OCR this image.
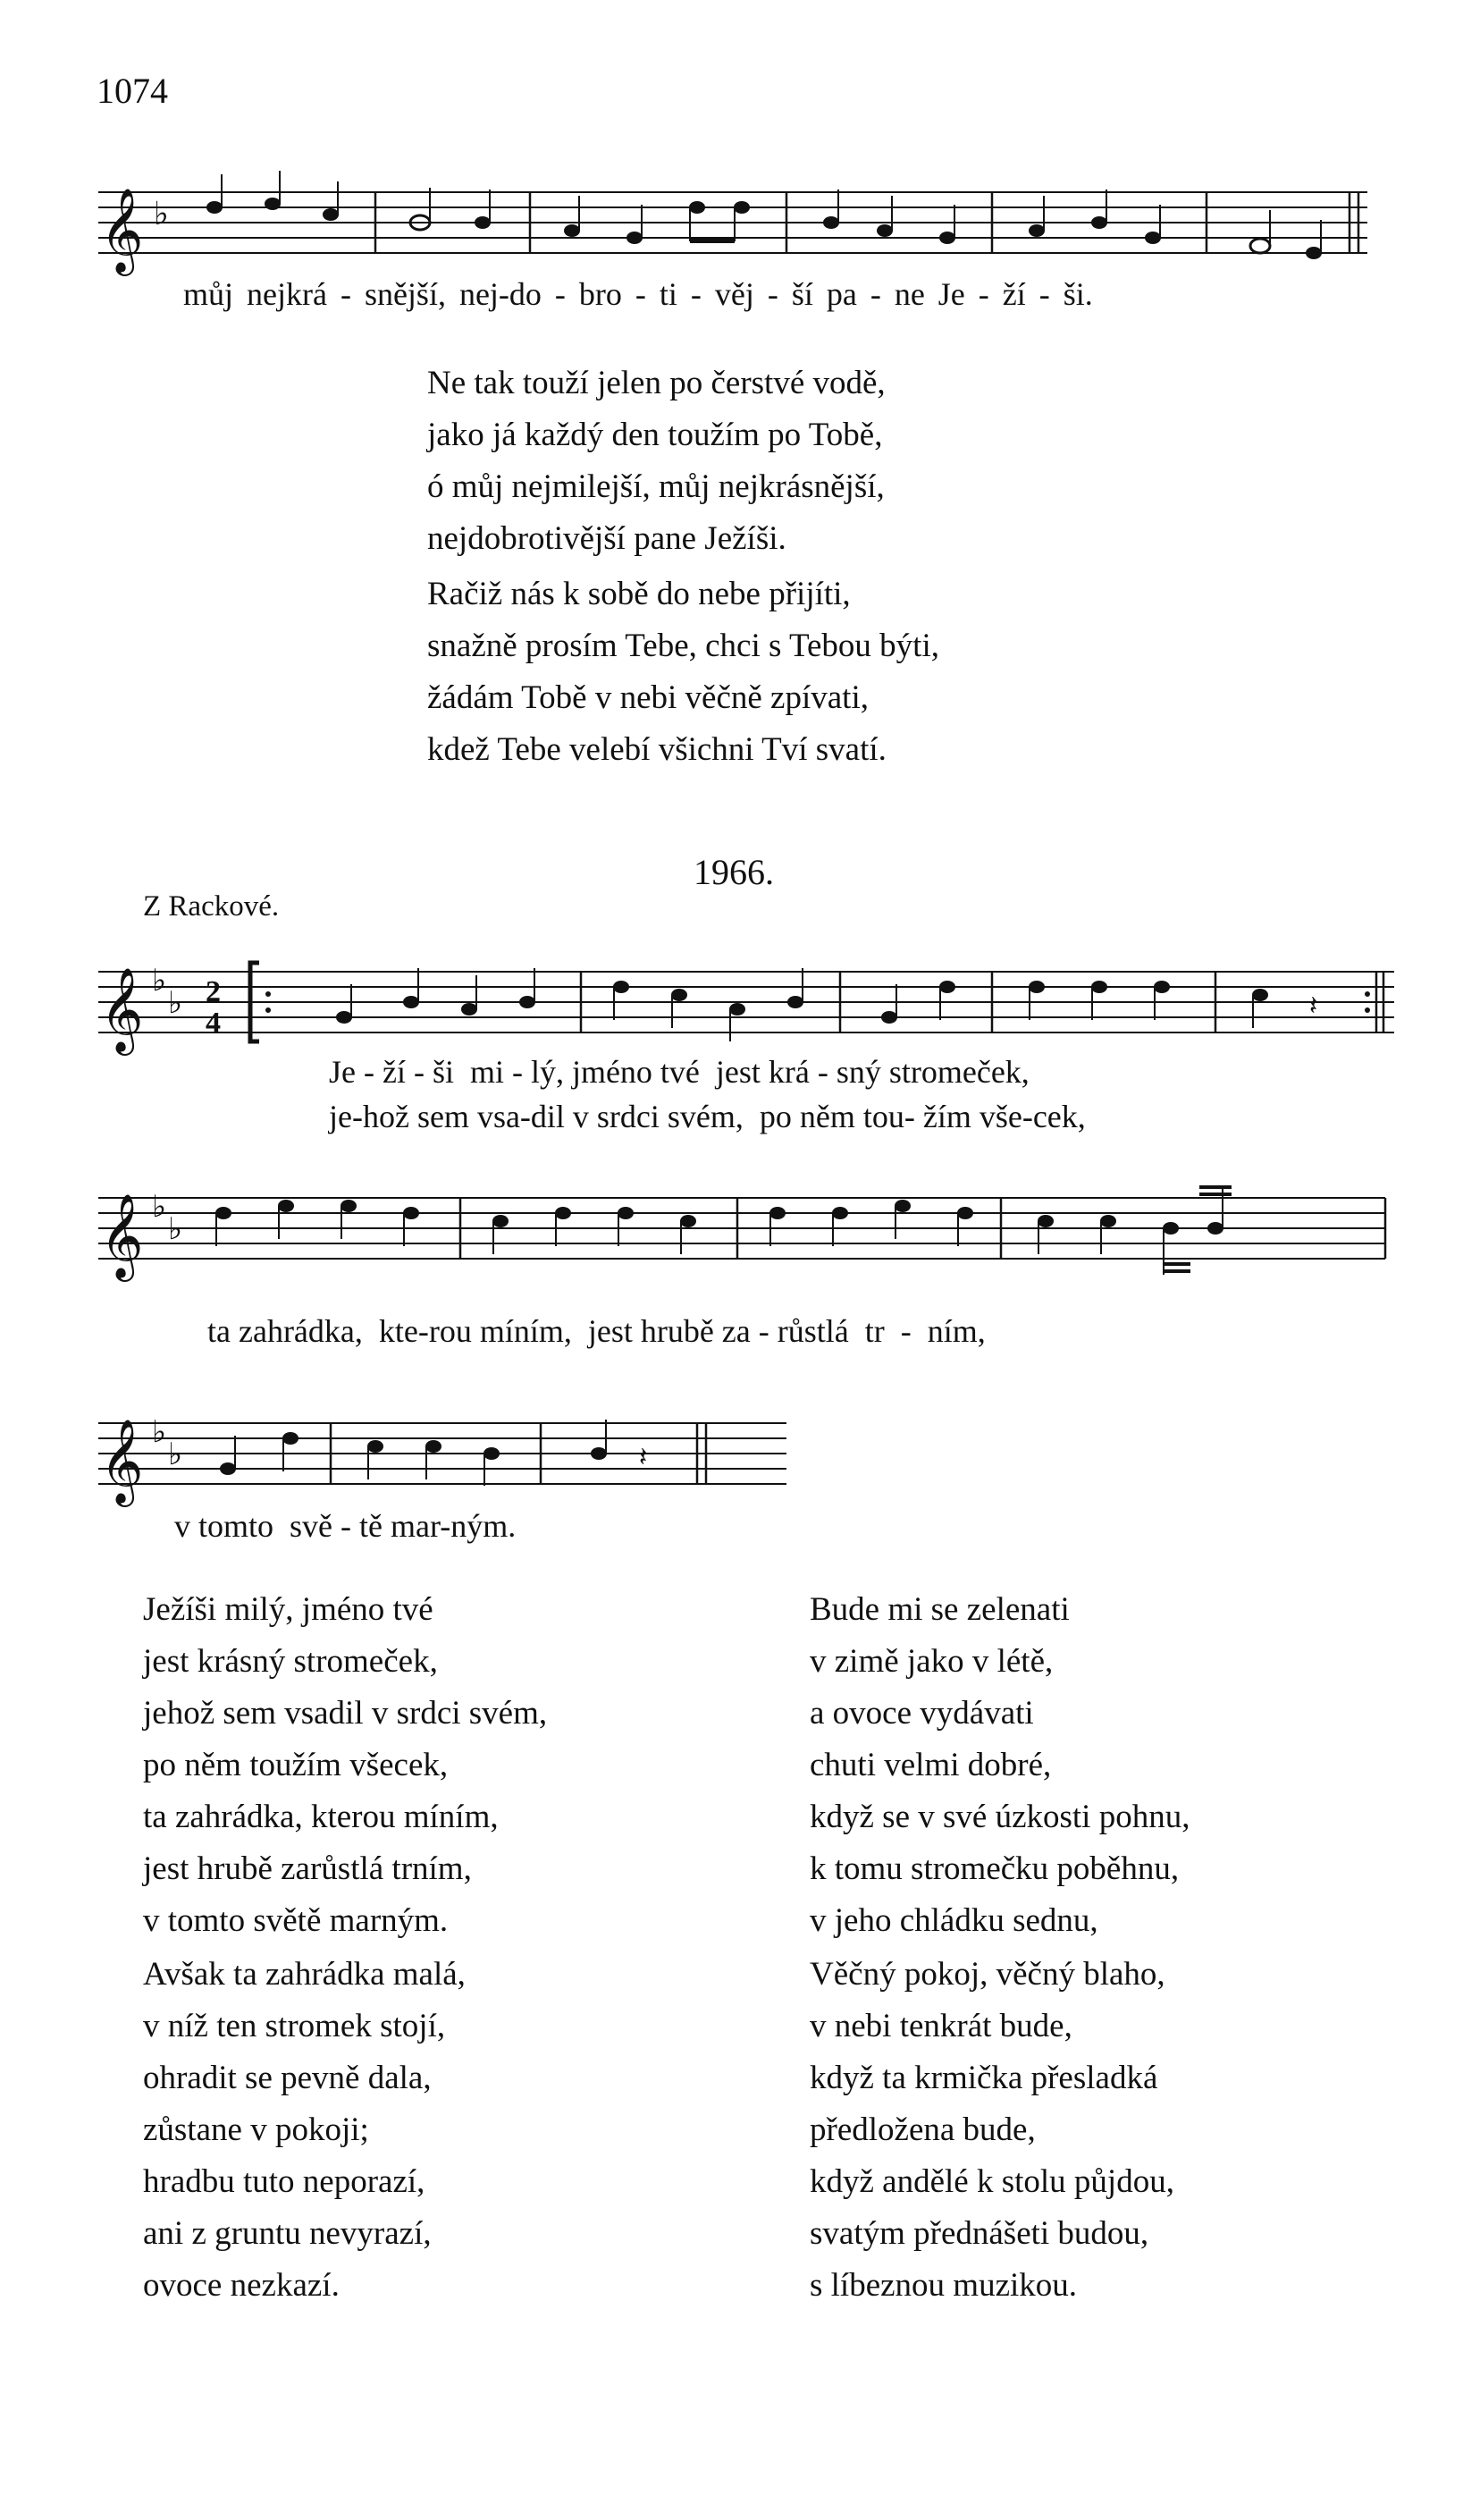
1074
𝄞 ♭
můj nejkrá - snější, nej-do - bro - ti - věj - ší pa - ne Je - ží - ši.
Ne tak touží jelen po čerstvé vodě,
jako já každý den toužím po Tobě,
ó můj nejmilejší, můj nejkrásnější,
nejdobrotivější pane Ježíši.
Račiž nás k sobě do nebe přijíti,
snažně prosím Tebe, chci s Tebou býti,
žádám Tobě v nebi věčně zpívati,
kdež Tebe velebí všichni Tví svatí.
1966.
Z Rackové.
𝄞 ♭
♭ 2
4
𝄽
Je - ží - ši  mi - lý, jméno tvé  jest krá - sný stromeček,
je-hož sem vsa-dil v srdci svém,  po něm tou- žím vše-cek,
𝄞 ♭
♭
ta zahrádka,  kte-rou míním,  jest hrubě za - růstlá  tr  -  ním,
𝄞 ♭
♭	𝄽
v tomto  svě - tě mar-ným.
Ježíši milý, jméno tvé
jest krásný stromeček,
jehož sem vsadil v srdci svém,
po něm toužím všecek,
ta zahrádka, kterou míním,
jest hrubě zarůstlá trním,
v tomto světě marným.
Avšak ta zahrádka malá,
v níž ten stromek stojí,
ohradit se pevně dala,
zůstane v pokoji;
hradbu tuto neporazí,
ani z gruntu nevyrazí,
ovoce nezkazí.
Bude mi se zelenati
v zimě jako v létě,
a ovoce vydávati
chuti velmi dobré,
když se v své úzkosti pohnu,
k tomu stromečku poběhnu,
v jeho chládku sednu,
Věčný pokoj, věčný blaho,
v nebi tenkrát bude,
když ta krmička přesladká
předložena bude,
když andělé k stolu půjdou,
svatým přednášeti budou,
s líbeznou muzikou.
